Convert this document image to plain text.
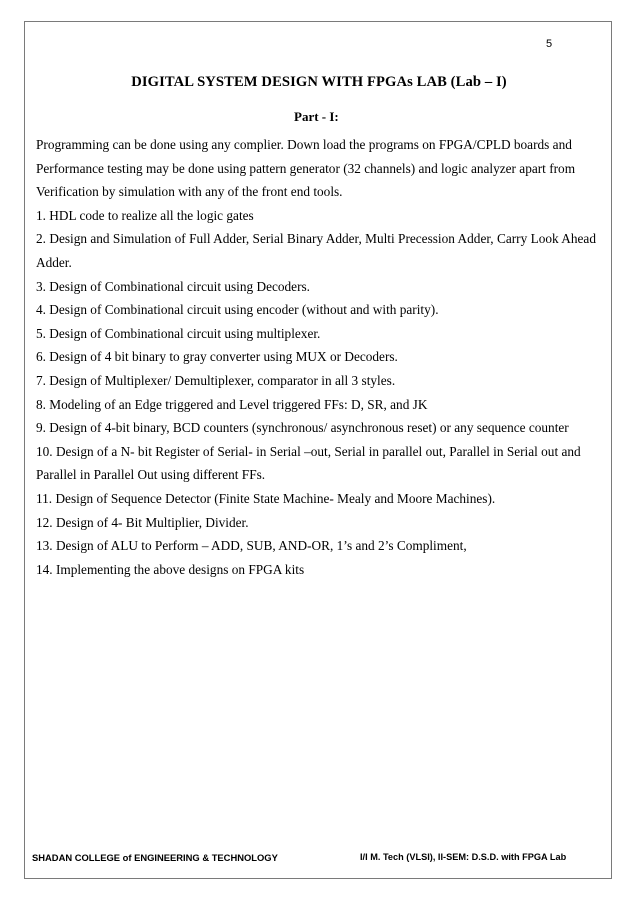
5
DIGITAL SYSTEM DESIGN WITH FPGAs LAB (Lab – I)
Part - I:

Programming can be done using any complier. Down load the programs on FPGA/CPLD boards and

Performance testing may be done using pattern generator (32 channels) and logic analyzer apart from

Verification by simulation with any of the front end tools.

1. HDL code to realize all the logic gates

2. Design and Simulation of Full Adder, Serial Binary Adder, Multi Precession Adder, Carry Look Ahead

Adder.

3. Design of Combinational circuit using Decoders.

4. Design of Combinational circuit using encoder (without and with parity).

5. Design of Combinational circuit using multiplexer.

6. Design of 4 bit binary to gray converter using MUX or Decoders.

7. Design of Multiplexer/ Demultiplexer, comparator in all 3 styles.

8. Modeling of an Edge triggered and Level triggered FFs: D, SR, and JK

9. Design of 4-bit binary, BCD counters (synchronous/ asynchronous reset) or any sequence counter

10. Design of a N- bit Register of Serial- in Serial –out, Serial in parallel out, Parallel in Serial out and

Parallel in Parallel Out using different FFs.

11. Design of Sequence Detector (Finite State Machine- Mealy and Moore Machines).

12. Design of 4- Bit Multiplier, Divider.

13. Design of ALU to Perform – ADD, SUB, AND-OR, 1’s and 2’s Compliment,

14. Implementing the above designs on FPGA kits

SHADAN COLLEGE of ENGINEERING & TECHNOLOGY	I/I M. Tech (VLSI), II-SEM: D.S.D. with FPGA Lab
